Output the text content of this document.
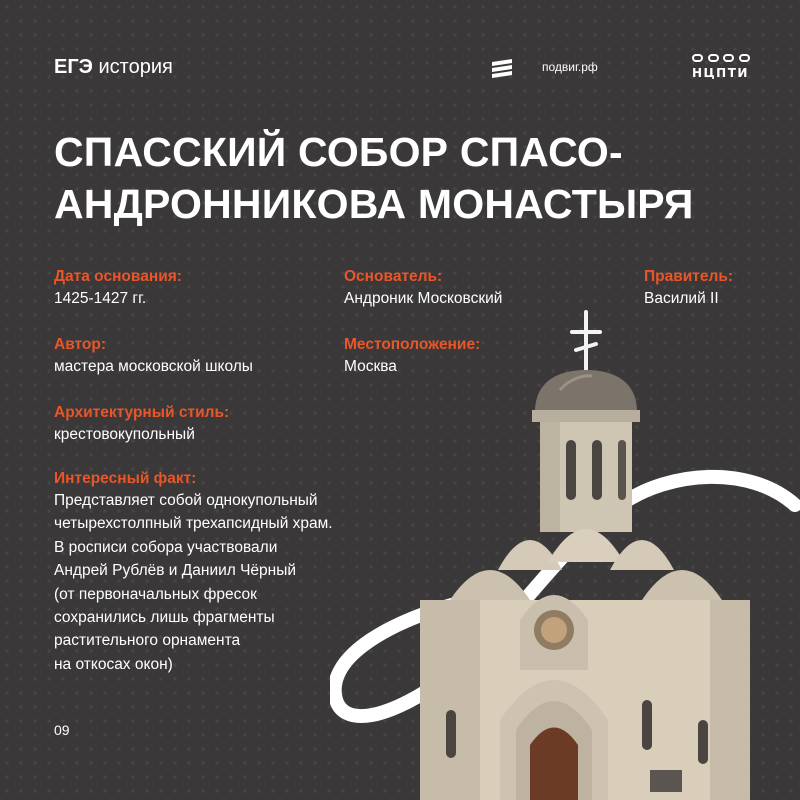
ЕГЭ история	подвиг.рф	НЦПТИ
СПАССКИЙ СОБОР СПАСО-
АНДРОННИКОВА МОНАСТЫРЯ
Дата основания:
1425-1427 гг.
Основатель:
Андроник Московский
Правитель:
Василий II
Автор:
мастера московской школы
Местоположение:
Москва
Архитектурный стиль:
крестовокупольный
Интересный факт:
Представляет собой однокупольный
четырехстолпный трехапсидный храм.
В росписи собора участвовали
Андрей Рублёв и Даниил Чёрный
(от первоначальных фресок
сохранились лишь фрагменты
растительного орнамента
на откосах окон)
09
